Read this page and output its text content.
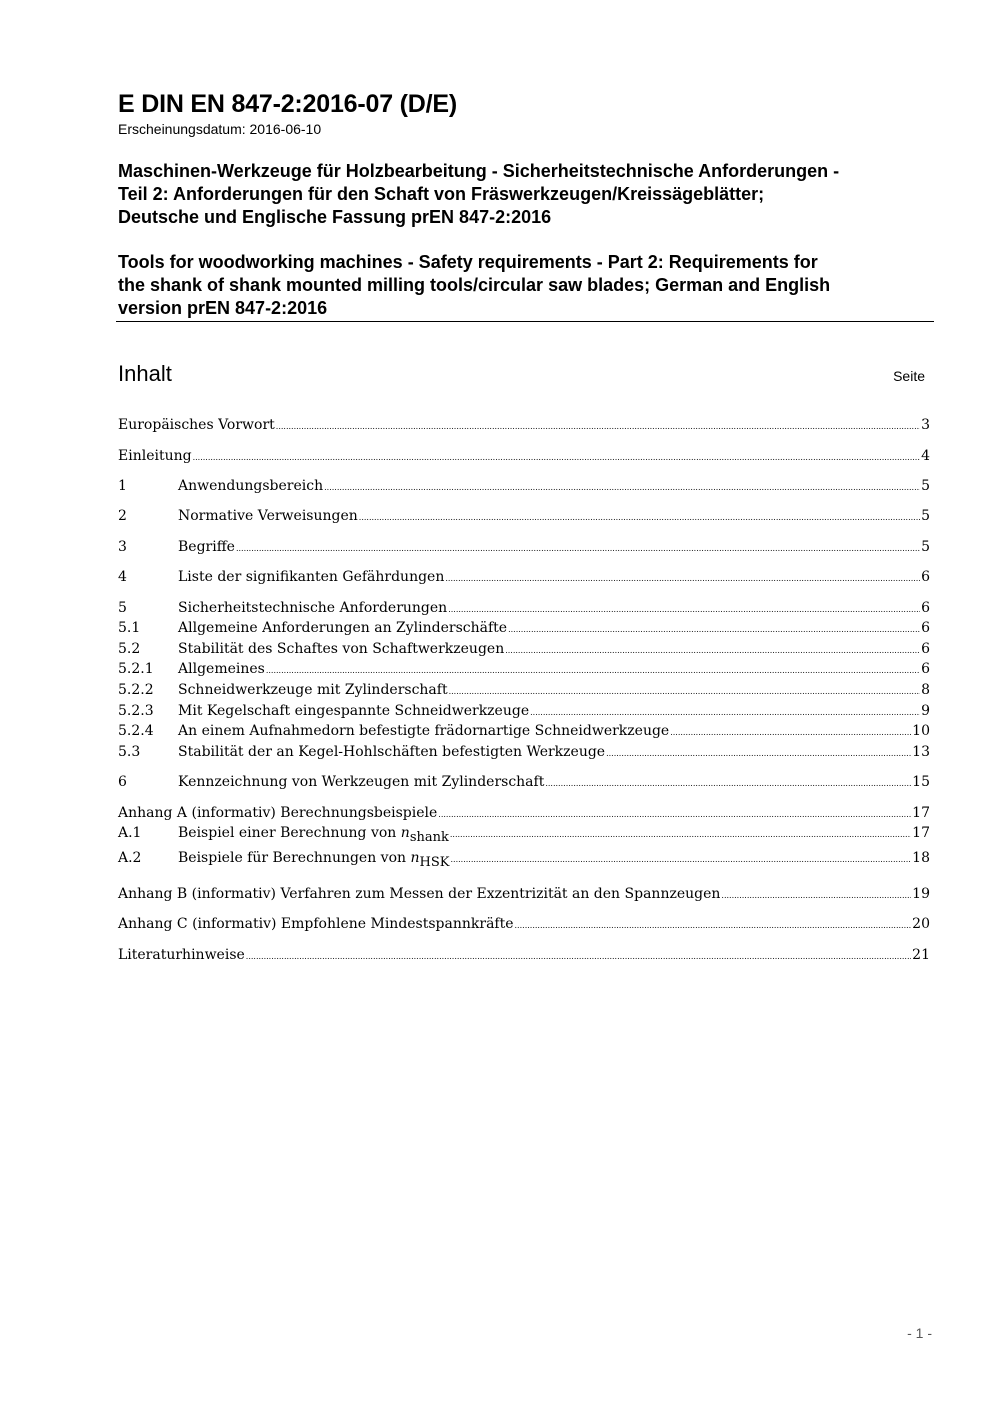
E DIN EN 847-2:2016-07 (D/E)
Erscheinungsdatum: 2016-06-10
Maschinen-Werkzeuge für Holzbearbeitung - Sicherheitstechnische Anforderungen -
Teil 2: Anforderungen für den Schaft von Fräswerkzeugen/Kreissägeblätter;
Deutsche und Englische Fassung prEN 847-2:2016
Tools for woodworking machines - Safety requirements - Part 2: Requirements for
the shank of shank mounted milling tools/circular saw blades; German and English
version prEN 847-2:2016
Inhalt	Seite
Europäisches Vorwort .....	3
Einleitung .....	4
1	Anwendungsbereich .....	5
2	Normative Verweisungen .....	5
3	Begriffe .....	5
4	Liste der signifikanten Gefährdungen .....	6
5	Sicherheitstechnische Anforderungen .....	6
5.1	Allgemeine Anforderungen an Zylinderschäfte .....	6
5.2	Stabilität des Schaftes von Schaftwerkzeugen .....	6
5.2.1	Allgemeines .....	6
5.2.2	Schneidwerkzeuge mit Zylinderschaft .....	8
5.2.3	Mit Kegelschaft eingespannte Schneidwerkzeuge .....	9
5.2.4	An einem Aufnahmedorn befestigte frädornartige Schneidwerkzeuge .....	10
5.3	Stabilität der an Kegel-Hohlschäften befestigten Werkzeuge .....	13
6	Kennzeichnung von Werkzeugen mit Zylinderschaft .....	15
Anhang A (informativ) Berechnungsbeispiele .....	17
A.1	Beispiel einer Berechnung von $n_{shank}$ .....	17
A.2	Beispiele für Berechnungen von $n_{HSK}$ .....	18
Anhang B (informativ) Verfahren zum Messen der Exzentrizität an den Spannzeugen .....	19
Anhang C (informativ) Empfohlene Mindestspannkräfte .....	20
Literaturhinweise .....	21
- 1 -
